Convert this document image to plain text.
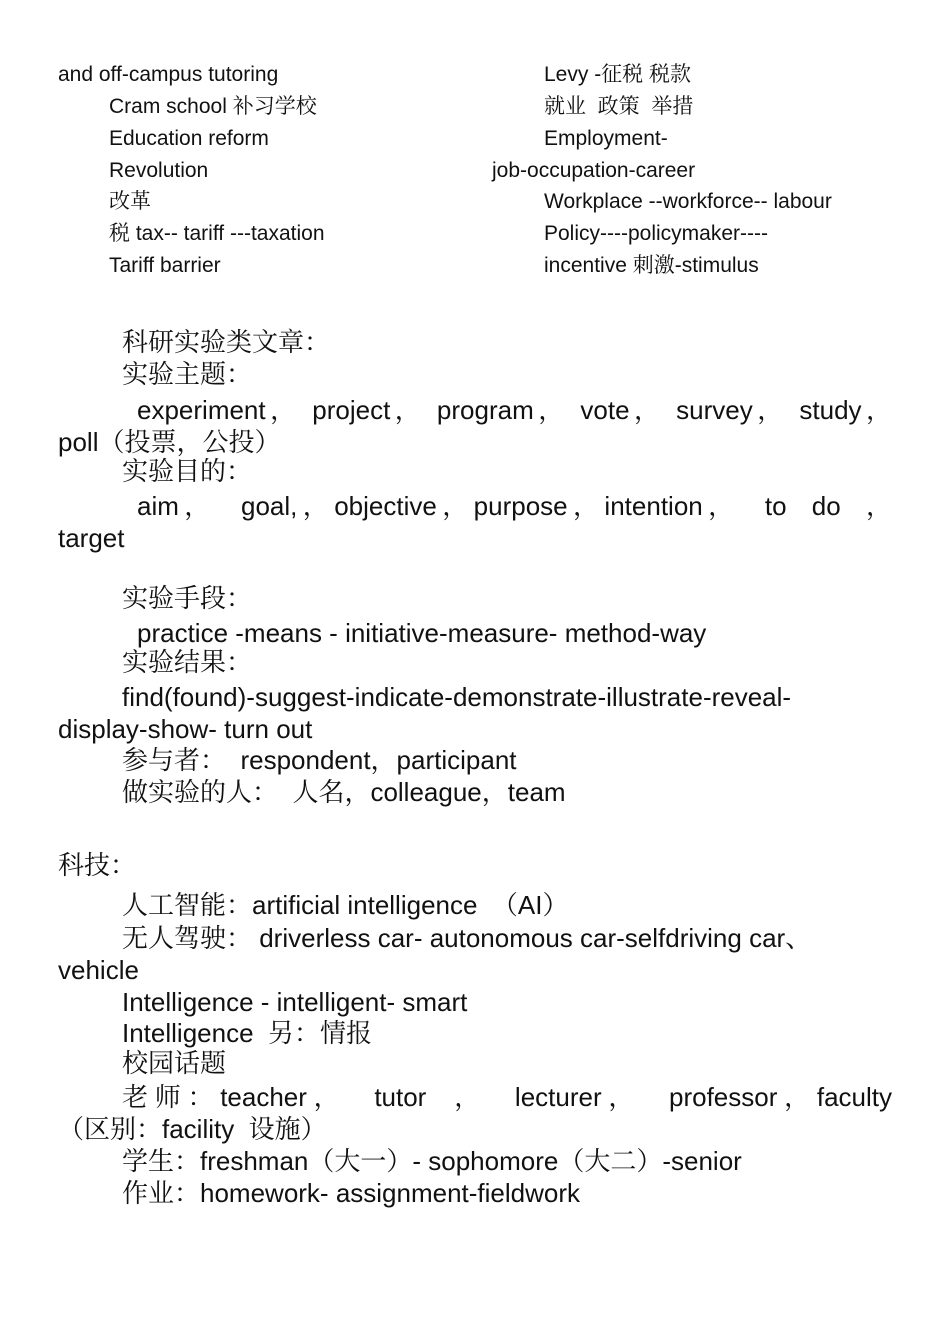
and off-campus tutoring
Cram school 补习学校
Education reform
Revolution
改革
税 tax-- tariff ---taxation
Tariff barrier
Levy -征税 税款
就业  政策  举措
Employment-
job-occupation-career
Workplace --workforce-- labour
Policy----policymaker----
incentive 刺激-stimulus
科研实验类文章：
实验主题：
experiment， project， program， vote， survey， study，
poll（投票，公投）
实验目的：
aim，  goal,，objective，purpose，intention，  to  do  ，
target
实验手段：
practice -means - initiative-measure- method-way
实验结果：
find(found)-suggest-indicate-demonstrate-illustrate-reveal-
display-show- turn out
参与者：  respondent，participant
做实验的人：  人名，colleague，team
科技：
人工智能：artificial intelligence  （AI）
无人驾驶： driverless car- autonomous car-selfdriving car、
vehicle
Intelligence - intelligent- smart
Intelligence  另：情报
校园话题
老师：teacher，  tutor  ，  lecturer，  professor，faculty
（区别：facility  设施）
学生：freshman（大一）- sophomore（大二）-senior
作业：homework- assignment-fieldwork
